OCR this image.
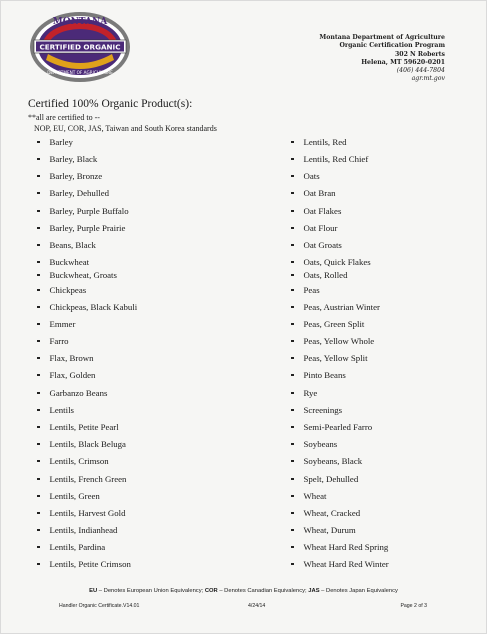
MONTANA
CERTIFIED ORGANIC
DEPARTMENT OF AGRICULTURE
Montana Department of Agriculture
Organic Certification Program
302 N Roberts
Helena, MT 59620-0201
(406) 444-7804
agr.mt.gov
Certified 100% Organic Product(s):
**all are certified to --
NOP, EU, COR, JAS, Taiwan and South Korea standards
Barley
Barley, Black
Barley, Bronze
Barley, Dehulled
Barley, Purple Buffalo
Barley, Purple Prairie
Beans, Black
Buckwheat
Buckwheat, Groats
Chickpeas
Chickpeas, Black Kabuli
Emmer
Farro
Flax, Brown
Flax, Golden
Garbanzo Beans
Lentils
Lentils, Petite Pearl
Lentils, Black Beluga
Lentils, Crimson
Lentils, French Green
Lentils, Green
Lentils, Harvest Gold
Lentils, Indianhead
Lentils, Pardina
Lentils, Petite Crimson
Lentils, Red
Lentils, Red Chief
Oats
Oat Bran
Oat Flakes
Oat Flour
Oat Groats
Oats, Quick Flakes
Oats, Rolled
Peas
Peas, Austrian Winter
Peas, Green Split
Peas, Yellow Whole
Peas, Yellow Split
Pinto Beans
Rye
Screenings
Semi-Pearled Farro
Soybeans
Soybeans, Black
Spelt, Dehulled
Wheat
Wheat, Cracked
Wheat, Durum
Wheat Hard Red Spring
Wheat Hard Red Winter
EU – Denotes European Union Equivalency; COR – Denotes Canadian Equivalency; JAS – Denotes Japan Equivalency
Handler Organic Certificate.V14.01	4/24/14	Page 2 of 3
